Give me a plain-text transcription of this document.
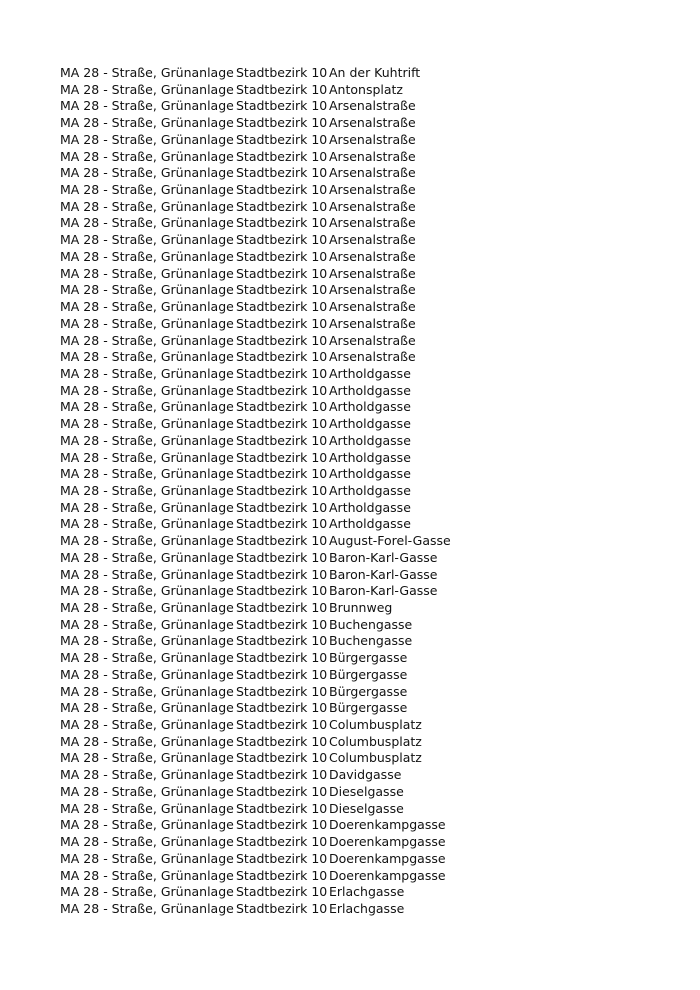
MA 28 - Straße, Grünanlage Stadtbezirk 10 An der Kuhtrift
MA 28 - Straße, Grünanlage Stadtbezirk 10 Antonsplatz
MA 28 - Straße, Grünanlage Stadtbezirk 10 Arsenalstraße
MA 28 - Straße, Grünanlage Stadtbezirk 10 Arsenalstraße
MA 28 - Straße, Grünanlage Stadtbezirk 10 Arsenalstraße
MA 28 - Straße, Grünanlage Stadtbezirk 10 Arsenalstraße
MA 28 - Straße, Grünanlage Stadtbezirk 10 Arsenalstraße
MA 28 - Straße, Grünanlage Stadtbezirk 10 Arsenalstraße
MA 28 - Straße, Grünanlage Stadtbezirk 10 Arsenalstraße
MA 28 - Straße, Grünanlage Stadtbezirk 10 Arsenalstraße
MA 28 - Straße, Grünanlage Stadtbezirk 10 Arsenalstraße
MA 28 - Straße, Grünanlage Stadtbezirk 10 Arsenalstraße
MA 28 - Straße, Grünanlage Stadtbezirk 10 Arsenalstraße
MA 28 - Straße, Grünanlage Stadtbezirk 10 Arsenalstraße
MA 28 - Straße, Grünanlage Stadtbezirk 10 Arsenalstraße
MA 28 - Straße, Grünanlage Stadtbezirk 10 Arsenalstraße
MA 28 - Straße, Grünanlage Stadtbezirk 10 Arsenalstraße
MA 28 - Straße, Grünanlage Stadtbezirk 10 Arsenalstraße
MA 28 - Straße, Grünanlage Stadtbezirk 10 Artholdgasse
MA 28 - Straße, Grünanlage Stadtbezirk 10 Artholdgasse
MA 28 - Straße, Grünanlage Stadtbezirk 10 Artholdgasse
MA 28 - Straße, Grünanlage Stadtbezirk 10 Artholdgasse
MA 28 - Straße, Grünanlage Stadtbezirk 10 Artholdgasse
MA 28 - Straße, Grünanlage Stadtbezirk 10 Artholdgasse
MA 28 - Straße, Grünanlage Stadtbezirk 10 Artholdgasse
MA 28 - Straße, Grünanlage Stadtbezirk 10 Artholdgasse
MA 28 - Straße, Grünanlage Stadtbezirk 10 Artholdgasse
MA 28 - Straße, Grünanlage Stadtbezirk 10 Artholdgasse
MA 28 - Straße, Grünanlage Stadtbezirk 10 August-Forel-Gasse
MA 28 - Straße, Grünanlage Stadtbezirk 10 Baron-Karl-Gasse
MA 28 - Straße, Grünanlage Stadtbezirk 10 Baron-Karl-Gasse
MA 28 - Straße, Grünanlage Stadtbezirk 10 Baron-Karl-Gasse
MA 28 - Straße, Grünanlage Stadtbezirk 10 Brunnweg
MA 28 - Straße, Grünanlage Stadtbezirk 10 Buchengasse
MA 28 - Straße, Grünanlage Stadtbezirk 10 Buchengasse
MA 28 - Straße, Grünanlage Stadtbezirk 10 Bürgergasse
MA 28 - Straße, Grünanlage Stadtbezirk 10 Bürgergasse
MA 28 - Straße, Grünanlage Stadtbezirk 10 Bürgergasse
MA 28 - Straße, Grünanlage Stadtbezirk 10 Bürgergasse
MA 28 - Straße, Grünanlage Stadtbezirk 10 Columbusplatz
MA 28 - Straße, Grünanlage Stadtbezirk 10 Columbusplatz
MA 28 - Straße, Grünanlage Stadtbezirk 10 Columbusplatz
MA 28 - Straße, Grünanlage Stadtbezirk 10 Davidgasse
MA 28 - Straße, Grünanlage Stadtbezirk 10 Dieselgasse
MA 28 - Straße, Grünanlage Stadtbezirk 10 Dieselgasse
MA 28 - Straße, Grünanlage Stadtbezirk 10 Doerenkampgasse
MA 28 - Straße, Grünanlage Stadtbezirk 10 Doerenkampgasse
MA 28 - Straße, Grünanlage Stadtbezirk 10 Doerenkampgasse
MA 28 - Straße, Grünanlage Stadtbezirk 10 Doerenkampgasse
MA 28 - Straße, Grünanlage Stadtbezirk 10 Erlachgasse
MA 28 - Straße, Grünanlage Stadtbezirk 10 Erlachgasse
